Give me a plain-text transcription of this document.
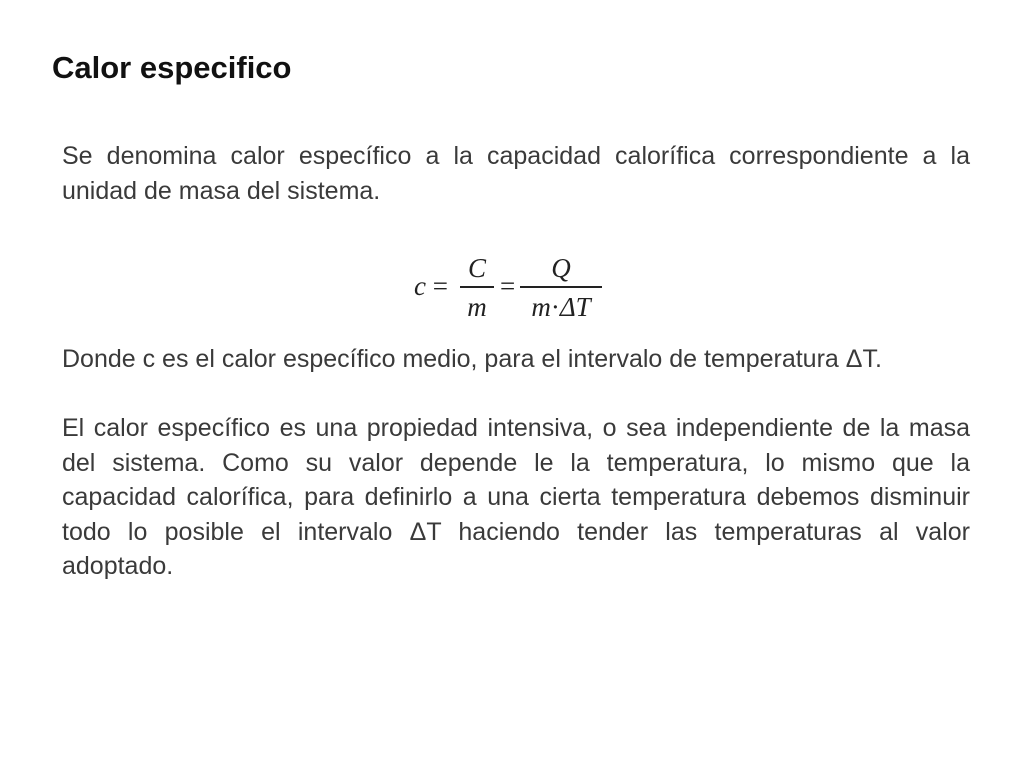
Calor especifico

Se denomina calor específico a la capacidad calorífica correspondiente a la unidad de masa del sistema.

c =
C
m
=
Q
m·ΔT

Donde c es el calor específico medio, para el intervalo de temperatura ΔT.

El calor específico es una propiedad intensiva, o sea independiente de la masa del sistema. Como su valor depende le la temperatura, lo mismo que la capacidad calorífica, para definirlo a una cierta temperatura debemos disminuir todo lo posible el intervalo ΔT haciendo tender las temperaturas al valor adoptado.
